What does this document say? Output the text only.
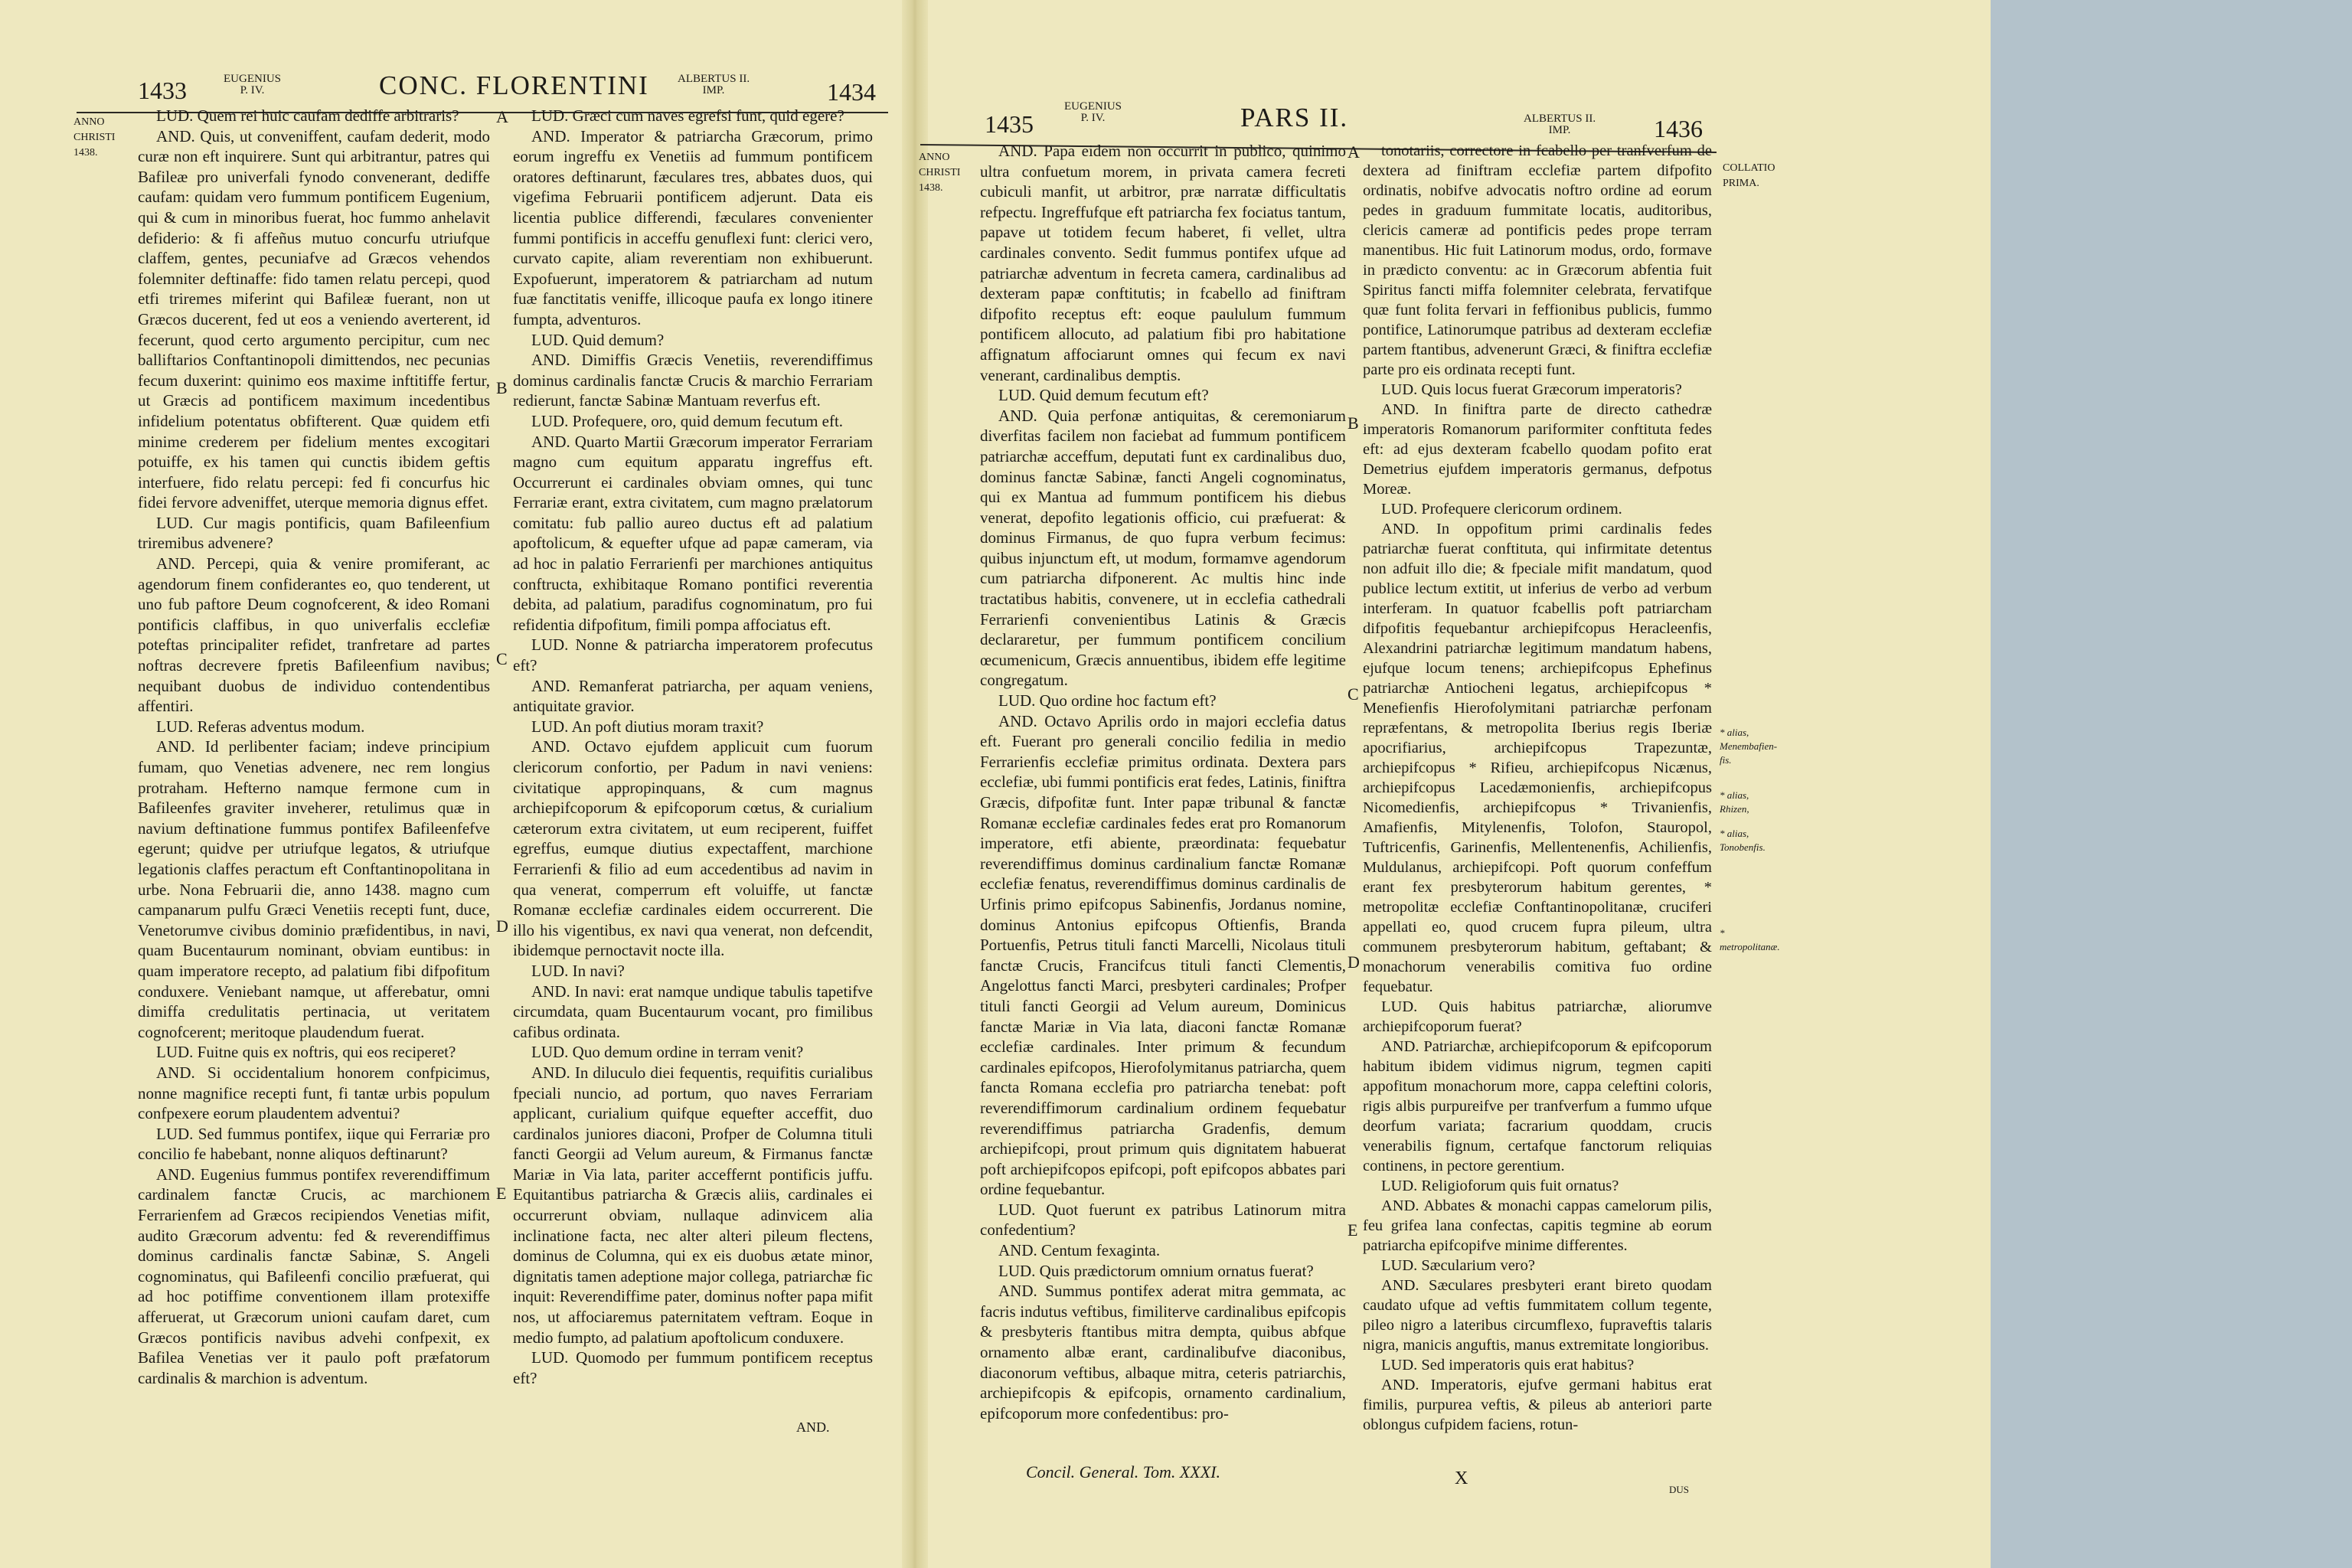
1433	EUGENIUS
P. IV.	CONC. FLORENTINI ALBERTUS II.
IMP.	1434
ANNO
CHRISTI
1438.

LUD. Quem rei huic caufam dediffe arbitraris?

AND. Quis, ut conveniffent, caufam dederit, modo curæ non eft inquirere. Sunt qui arbitrantur, patres qui Bafileæ pro univerfali fynodo convenerant, dediffe caufam: quidam vero fummum pontificem Eugenium, qui & cum in minoribus fuerat, hoc fummo anhelavit defiderio: & fi affeñus mutuo concurfu utriufque claffem, gentes, pecuniafve ad Græcos vehendos folemniter deftinaffe: fido tamen relatu percepi, quod etfi triremes miferint qui Bafileæ fuerant, non ut Græcos ducerent, fed ut eos a veniendo averterent, id fecerunt, quod certo argumento percipitur, cum nec balliftarios Conftantinopoli dimittendos, nec pecunias fecum duxerint: quinimo eos maxime inftitiffe fertur, ut Græcis ad pontificem maximum incedentibus infidelium potentatus obfifterent. Quæ quidem etfi minime crederem per fidelium mentes excogitari potuiffe, ex his tamen qui cunctis ibidem geftis interfuere, fido relatu percepi: fed fi concurfus hic fidei fervore adveniffet, uterque memoria dignus effet.

LUD. Cur magis pontificis, quam Bafileenfium triremibus advenere?

AND. Percepi, quia & venire promiferant, ac agendorum finem confiderantes eo, quo tenderent, ut uno fub paftore Deum cognofcerent, & ideo Romani pontificis claffibus, in quo univerfalis ecclefiæ poteftas principaliter refidet, tranfretare ad partes noftras decrevere fpretis Bafileenfium navibus; nequibant duobus de individuo contendentibus affentiri.

LUD. Referas adventus modum.

AND. Id perlibenter faciam; indeve principium fumam, quo Venetias advenere, nec rem longius protraham. Hefterno namque fermone cum in Bafileenfes graviter inveherer, retulimus quæ in navium deftinatione fummus pontifex Bafileenfefve egerunt; quidve per utriufque legatos, & utriufque legationis claffes peractum eft Conftantinopolitana in urbe. Nona Februarii die, anno 1438. magno cum campanarum pulfu Græci Venetiis recepti funt, duce, Venetorumve civibus dominio præfidentibus, in navi, quam Bucentaurum nominant, obviam euntibus: in quam imperatore recepto, ad palatium fibi difpofitum conduxere. Veniebant namque, ut afferebatur, omni dimiffa credulitatis pertinacia, ut veritatem cognofcerent; meritoque plaudendum fuerat.

LUD. Fuitne quis ex noftris, qui eos reciperet?

AND. Si occidentalium honorem confpicimus, nonne magnifice recepti funt, fi tantæ urbis populum confpexere eorum plaudentem adventui?

LUD. Sed fummus pontifex, iique qui Ferrariæ pro concilio fe habebant, nonne aliquos deftinarunt?

AND. Eugenius fummus pontifex reverendiffimum cardinalem fanctæ Crucis, ac marchionem Ferrarienfem ad Græcos recipiendos Venetias mifit, audito Græcorum adventu: fed & reverendiffimus dominus cardinalis fanctæ Sabinæ, S. Angeli cognominatus, qui Bafileenfi concilio præfuerat, qui ad hoc potiffime conventionem illam protexiffe afferuerat, ut Græcorum unioni caufam daret, cum Græcos pontificis navibus advehi confpexit, ex Bafilea Venetias ver it paulo poft præfatorum cardinalis & marchion is adventum.

LUD. Græci cum naves egrefsi funt, quid egere?

AND. Imperator & patriarcha Græcorum, primo eorum ingreffu ex Venetiis ad fummum pontificem oratores deftinarunt, fæculares tres, abbates duos, qui vigefima Februarii pontificem adjerunt. Data eis licentia publice differendi, fæculares convenienter fummi pontificis in acceffu genuflexi funt: clerici vero, curvato capite, aliam reverentiam non exhibuerunt. Expofuerunt, imperatorem & patriarcham ad nutum fuæ fanctitatis veniffe, illicoque paufa ex longo itinere fumpta, adventuros.

LUD. Quid demum?

AND. Dimiffis Græcis Venetiis, reverendiffimus dominus cardinalis fanctæ Crucis & marchio Ferrariam redierunt, fanctæ Sabinæ Mantuam reverfus eft.

LUD. Profequere, oro, quid demum fecutum eft.

AND. Quarto Martii Græcorum imperator Ferrariam magno cum equitum apparatu ingreffus eft. Occurrerunt ei cardinales obviam omnes, qui tunc Ferrariæ erant, extra civitatem, cum magno prælatorum comitatu: fub pallio aureo ductus eft ad palatium apoftolicum, & equefter ufque ad papæ cameram, via ad hoc in palatio Ferrarienfi per marchiones antiquitus conftructa, exhibitaque Romano pontifici reverentia debita, ad palatium, paradifus cognominatum, pro fui refidentia difpofitum, fimili pompa affociatus eft.

LUD. Nonne & patriarcha imperatorem profecutus eft?

AND. Remanferat patriarcha, per aquam veniens, antiquitate gravior.

LUD. An poft diutius moram traxit?

AND. Octavo ejufdem applicuit cum fuorum clericorum confortio, per Padum in navi veniens: civitatique appropinquans, & cum magnus archiepifcoporum & epifcoporum cœtus, & curialium cæterorum extra civitatem, ut eum reciperent, fuiffet egreffus, eumque diutius expectaffent, marchione Ferrarienfi & filio ad eum accedentibus ad navim in qua venerat, comperrum eft voluiffe, ut fanctæ Romanæ ecclefiæ cardinales eidem occurrerent. Die illo his vigentibus, ex navi qua venerat, non defcendit, ibidemque pernoctavit nocte illa.

LUD. In navi?

AND. In navi: erat namque undique tabulis tapetifve circumdata, quam Bucentaurum vocant, pro fimilibus cafibus ordinata.

LUD. Quo demum ordine in terram venit?

AND. In diluculo diei fequentis, requifitis curialibus fpeciali nuncio, ad portum, quo naves Ferrariam applicant, curialium quifque equefter acceffit, duo cardinalos juniores diaconi, Profper de Columna tituli fancti Georgii ad Velum aureum, & Firmanus fanctæ Mariæ in Via lata, pariter acceffernt pontificis juffu. Equitantibus patriarcha & Græcis aliis, cardinales ei occurrerunt obviam, nullaque adinvicem alia inclinatione facta, nec alter alteri pileum flectens, dominus de Columna, qui ex eis duobus ætate minor, dignitatis tamen adeptione major collega, patriarchæ fic inquit: Reverendiffime pater, dominus nofter papa mifit nos, ut affociaremus paternitatem veftram. Eoque in medio fumpto, ad palatium apoftolicum conduxere.

LUD. Quomodo per fummum pontificem receptus eft?

A
B
C
D
E
AND.
1435
EUGENIUS
P. IV.	PARS II.	ALBERTUS II.
IMP.	1436
ANNO
CHRISTI
1438.
COLLATIO
PRIMA.

AND. Papa eidem non occurrit in publico, quinimo ultra confuetum morem, in privata camera fecreti cubiculi manfit, ut arbitror, præ narratæ difficultatis refpectu. Ingreffufque eft patriarcha fex fociatus tantum, papave ut totidem fecum haberet, fi vellet, ultra cardinales convento. Sedit fummus pontifex ufque ad patriarchæ adventum in fecreta camera, cardinalibus ad dexteram papæ conftitutis; in fcabello ad finiftram difpofito receptus eft: eoque paululum fummum pontificem allocuto, ad palatium fibi pro habitatione affignatum affociarunt omnes qui fecum ex navi venerant, cardinalibus demptis.

LUD. Quid demum fecutum eft?

AND. Quia perfonæ antiquitas, & ceremoniarum diverfitas facilem non faciebat ad fummum pontificem patriarchæ acceffum, deputati funt ex cardinalibus duo, dominus fanctæ Sabinæ, fancti Angeli cognominatus, qui ex Mantua ad fummum pontificem his diebus venerat, depofito legationis officio, cui præfuerat: & dominus Firmanus, de quo fupra verbum fecimus: quibus injunctum eft, ut modum, formamve agendorum cum patriarcha difponerent. Ac multis hinc inde tractatibus habitis, convenere, ut in ecclefia cathedrali Ferrarienfi convenientibus Latinis & Græcis declararetur, per fummum pontificem concilium œcumenicum, Græcis annuentibus, ibidem effe legitime congregatum.

LUD. Quo ordine hoc factum eft?

AND. Octavo Aprilis ordo in majori ecclefia datus eft. Fuerant pro generali concilio fedilia in medio Ferrarienfis ecclefiæ primitus ordinata. Dextera pars ecclefiæ, ubi fummi pontificis erat fedes, Latinis, finiftra Græcis, difpofitæ funt. Inter papæ tribunal & fanctæ Romanæ ecclefiæ cardinales fedes erat pro Romanorum imperatore, etfi abiente, præordinata: fequebatur reverendiffimus dominus cardinalium fanctæ Romanæ ecclefiæ fenatus, reverendiffimus dominus cardinalis de Urfinis primo epifcopus Sabinenfis, Jordanus nomine, dominus Antonius epifcopus Oftienfis, Branda Portuenfis, Petrus tituli fancti Marcelli, Nicolaus tituli fanctæ Crucis, Francifcus tituli fancti Clementis, Angelottus fancti Marci, presbyteri cardinales; Profper tituli fancti Georgii ad Velum aureum, Dominicus fanctæ Mariæ in Via lata, diaconi fanctæ Romanæ ecclefiæ cardinales. Inter primum & fecundum cardinales epifcopos, Hierofolymitanus patriarcha, quem fancta Romana ecclefia pro patriarcha tenebat: poft reverendiffimorum cardinalium ordinem fequebatur reverendiffimus patriarcha Gradenfis, demum archiepifcopi, prout primum quis dignitatem habuerat poft archiepifcopos epifcopi, poft epifcopos abbates pari ordine fequebantur.

LUD. Quot fuerunt ex patribus Latinorum mitra confedentium?

AND. Centum fexaginta.

LUD. Quis prædictorum omnium ornatus fuerat?

AND. Summus pontifex aderat mitra gemmata, ac facris indutus veftibus, fimiliterve cardinalibus epifcopis & presbyteris ftantibus mitra dempta, quibus abfque ornamento albæ erant, cardinalibufve diaconibus, diaconorum veftibus, albaque mitra, ceteris patriarchis, archiepifcopis & epifcopis, ornamento cardinalium, epifcoporum more confedentibus: pro-

tonotariis, correctore in fcabello per tranfverfum de dextera ad finiftram ecclefiæ partem difpofito ordinatis, nobifve advocatis noftro ordine ad eorum pedes in graduum fummitate locatis, auditoribus, clericis cameræ ad pontificis pedes prope terram manentibus. Hic fuit Latinorum modus, ordo, formave in prædicto conventu: ac in Græcorum abfentia fuit Spiritus fancti miffa folemniter celebrata, fervatifque quæ funt folita fervari in feffionibus publicis, fummo pontifice, Latinorumque patribus ad dexteram ecclefiæ partem ftantibus, advenerunt Græci, & finiftra ecclefiæ parte pro eis ordinata recepti funt.

LUD. Quis locus fuerat Græcorum imperatoris?

AND. In finiftra parte de directo cathedræ imperatoris Romanorum pariformiter conftituta fedes eft: ad ejus dexteram fcabello quodam pofito erat Demetrius ejufdem imperatoris germanus, defpotus Moreæ.

LUD. Profequere clericorum ordinem.

AND. In oppofitum primi cardinalis fedes patriarchæ fuerat conftituta, qui infirmitate detentus non adfuit illo die; & fpeciale mifit mandatum, quod publice lectum extitit, ut inferius de verbo ad verbum interferam. In quatuor fcabellis poft patriarcham difpofitis fequebantur archiepifcopus Heracleenfis, Alexandrini patriarchæ legitimum mandatum habens, ejufque locum tenens; archiepifcopus Ephefinus patriarchæ Antiocheni legatus, archiepifcopus * Menefienfis Hierofolymitani patriarchæ perfonam repræfentans, & metropolita Iberius regis Iberiæ apocrifiarius, archiepifcopus Trapezuntæ, archiepifcopus * Rifieu, archiepifcopus Nicænus, archiepifcopus Lacedæmonienfis, archiepifcopus Nicomedienfis, archiepifcopus * Trivanienfis, Amafienfis, Mitylenenfis, Tolofon, Stauropol, Tuftricenfis, Garinenfis, Mellentenenfis, Achilienfis, Muldulanus, archiepifcopi. Poft quorum confeffum erant fex presbyterorum habitum gerentes, * metropolitæ ecclefiæ Conftantinopolitanæ, cruciferi appellati eo, quod crucem fupra pileum, ultra communem presbyterorum habitum, geftabant; & monachorum venerabilis comitiva fuo ordine fequebatur.

LUD. Quis habitus patriarchæ, aliorumve archiepifcoporum fuerat?

AND. Patriarchæ, archiepifcoporum & epifcoporum habitum ibidem vidimus nigrum, tegmen capiti appofitum monachorum more, cappa celeftini coloris, rigis albis purpureifve per tranfverfum a fummo ufque deorfum variata; facrarium quoddam, crucis venerabilis fignum, certafque fanctorum reliquias continens, in pectore gerentium.

LUD. Religioforum quis fuit ornatus?

AND. Abbates & monachi cappas camelorum pilis, feu grifea lana confectas, capitis tegmine ab eorum patriarcha epifcopifve minime differentes.

LUD. Sæcularium vero?

AND. Sæculares presbyteri erant bireto quodam caudato ufque ad veftis fummitatem collum tegente, pileo nigro a lateribus circumflexo, fupraveftis talaris nigra, manicis anguftis, manus extremitate longioribus.

LUD. Sed imperatoris quis erat habitus?

AND. Imperatoris, ejufve germani habitus erat fimilis, purpurea veftis, & pileus ab anteriori parte oblongus cufpidem faciens, rotun-

A
B
C
D
E
* alias, Menembafien-fis.
* alias, Rhizen,
* alias, Tonobenfis.
* metropolitanæ.
Concil. General. Tom. XXXI.	X	dus
